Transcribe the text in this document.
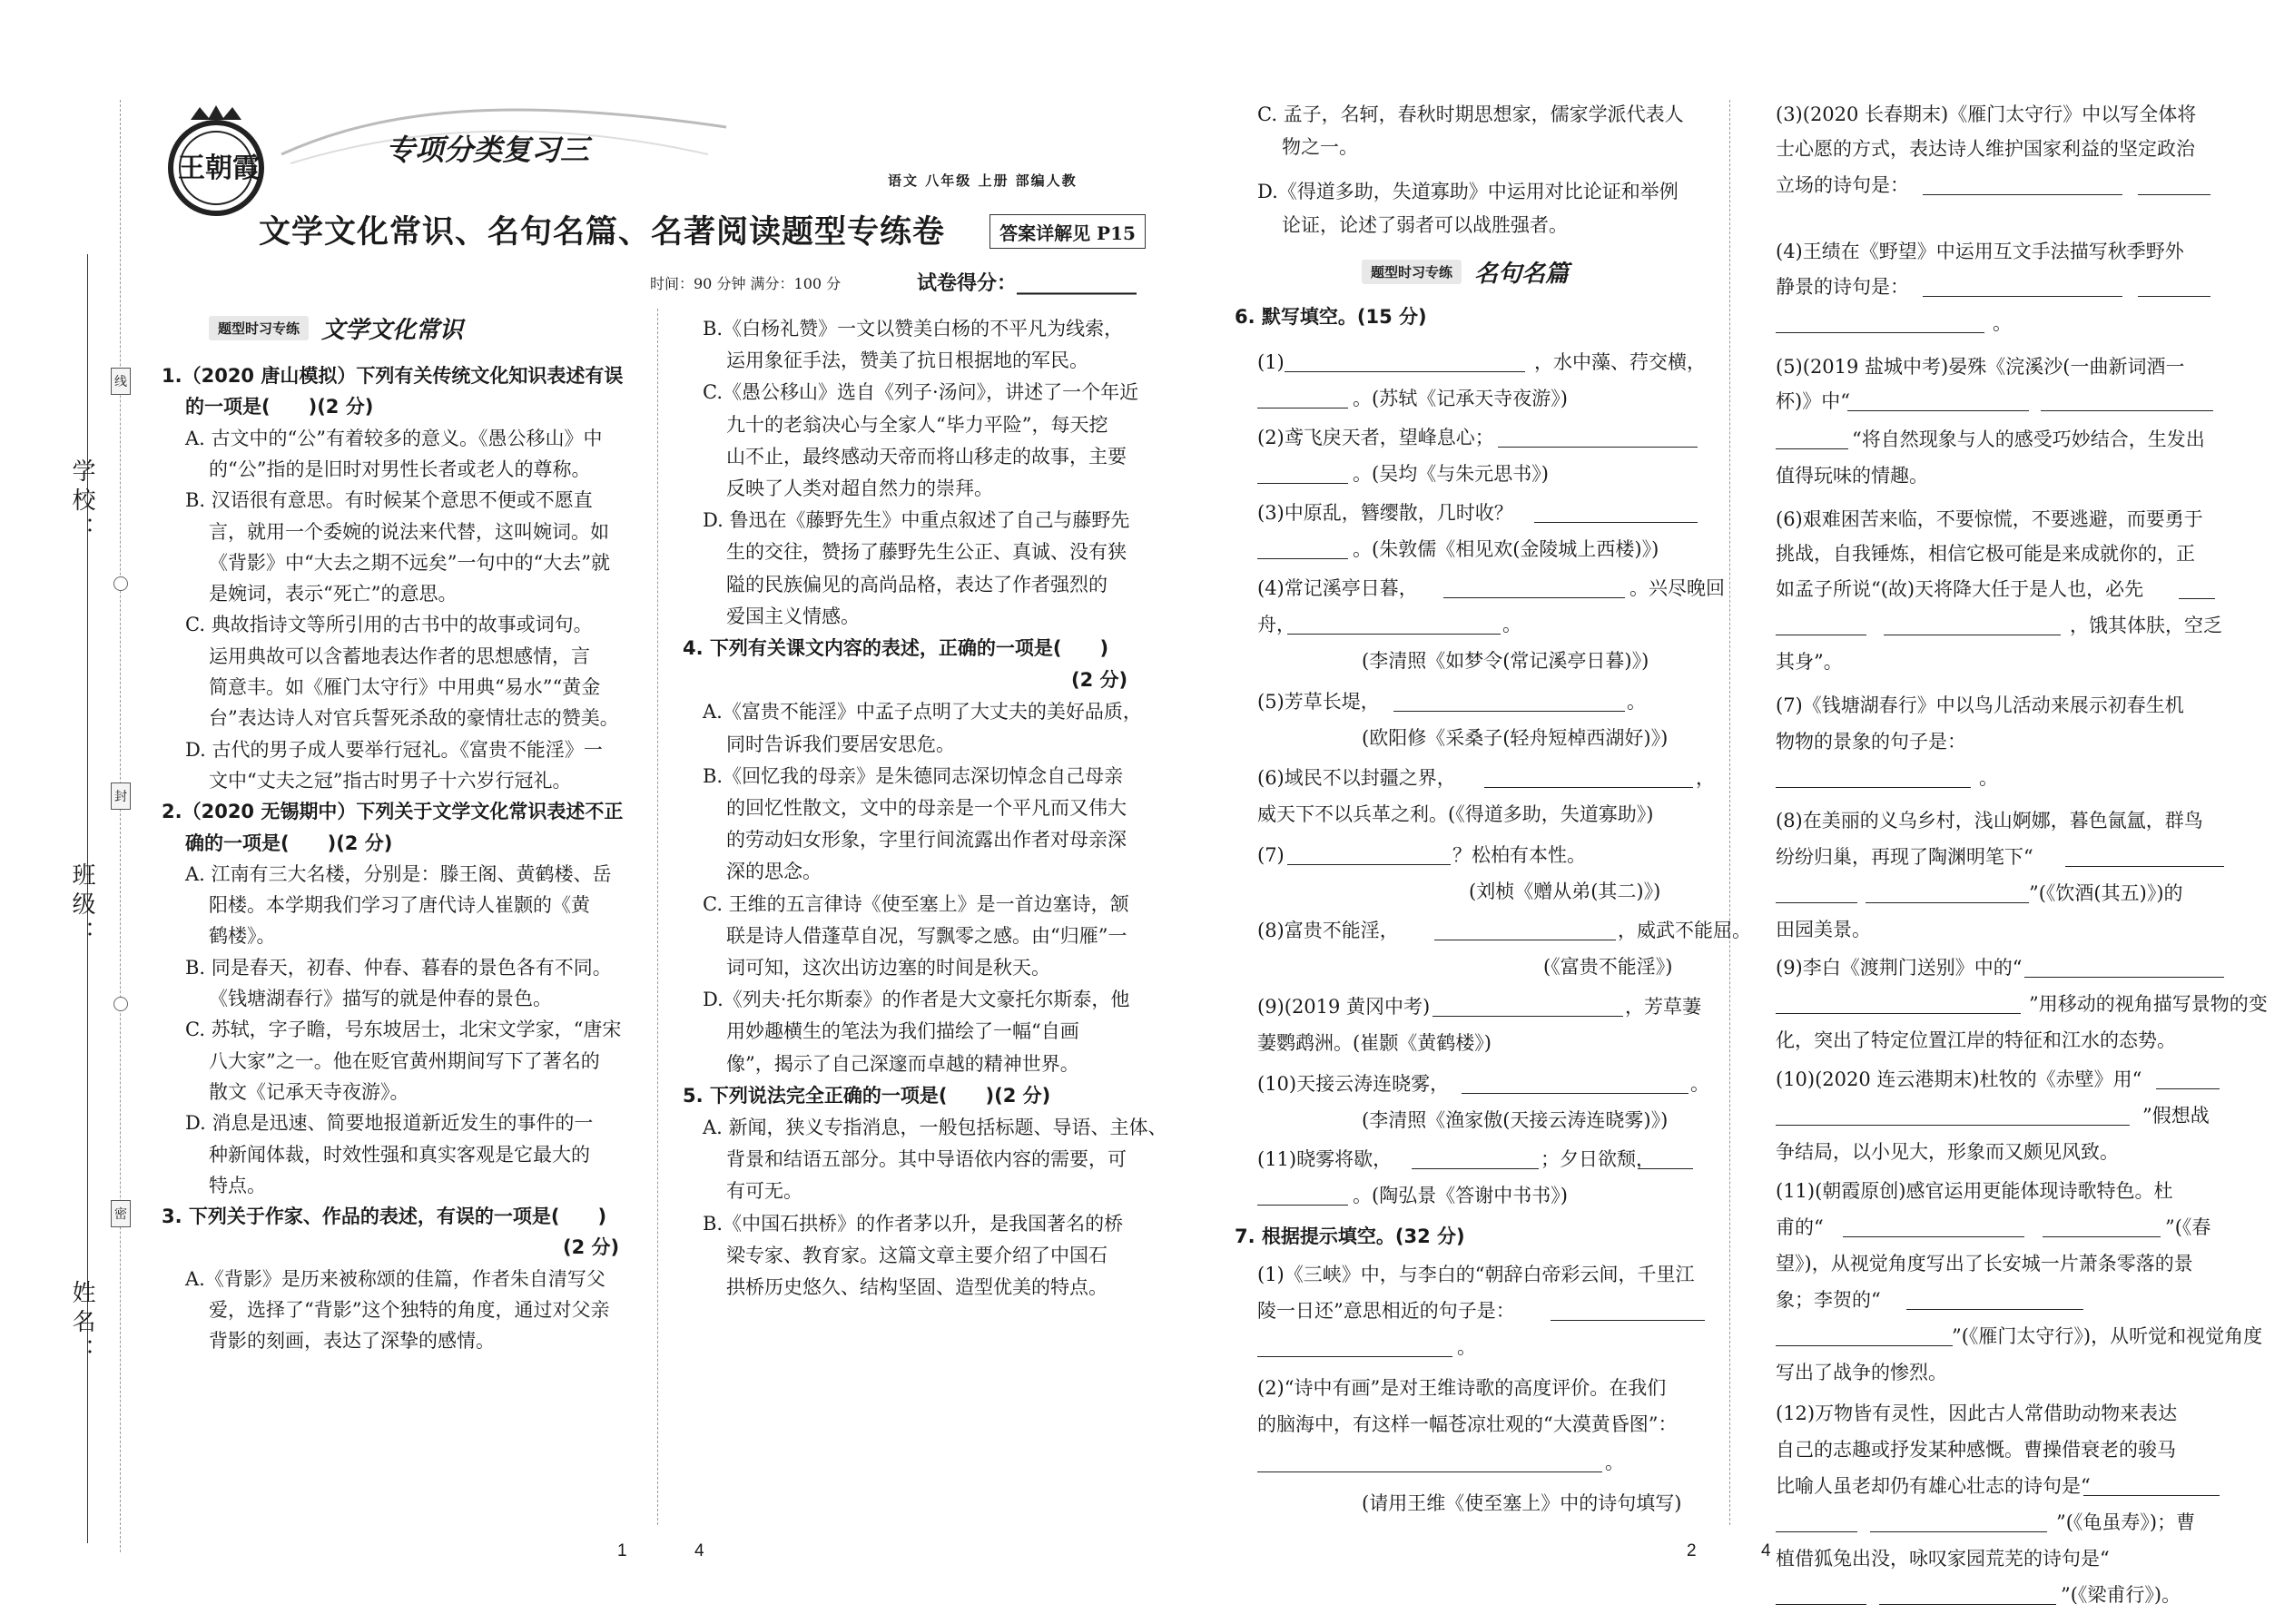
学校：
班级：
姓名：
线
封
密
王朝霞
专项分类复习三
文学文化常识、名句名篇、名著阅读题型专练卷
语文 八年级 上册 部编人教
答案详解见 P15
时间：90 分钟 满分：100 分	试卷得分：____________
题型时习专练 文学文化常识
题型时习专练 名句名篇
1.（2020 唐山模拟）下列有关传统文化知识表述有误
的一项是(　　)(2 分)
A. 古文中的“公”有着较多的意义。《愚公移山》中
的“公”指的是旧时对男性长者或老人的尊称。
B. 汉语很有意思。有时候某个意思不便或不愿直
言，就用一个委婉的说法来代替，这叫婉词。如
《背影》中“大去之期不远矣”一句中的“大去”就
是婉词，表示“死亡”的意思。
C. 典故指诗文等所引用的古书中的故事或词句。
运用典故可以含蓄地表达作者的思想感情，言
简意丰。如《雁门太守行》中用典“易水”“黄金
台”表达诗人对官兵誓死杀敌的豪情壮志的赞美。
D. 古代的男子成人要举行冠礼。《富贵不能淫》一
文中“丈夫之冠”指古时男子十六岁行冠礼。
2.（2020 无锡期中）下列关于文学文化常识表述不正
确的一项是(　　)(2 分)
A. 江南有三大名楼，分别是：滕王阁、黄鹤楼、岳
阳楼。本学期我们学习了唐代诗人崔颢的《黄
鹤楼》。
B. 同是春天，初春、仲春、暮春的景色各有不同。
《钱塘湖春行》描写的就是仲春的景色。
C. 苏轼，字子瞻，号东坡居士，北宋文学家，“唐宋
八大家”之一。他在贬官黄州期间写下了著名的
散文《记承天寺夜游》。
D. 消息是迅速、简要地报道新近发生的事件的一
种新闻体裁，时效性强和真实客观是它最大的
特点。
3. 下列关于作家、作品的表述，有误的一项是(　　)
(2 分)
A.《背影》是历来被称颂的佳篇，作者朱自清写父
爱，选择了“背影”这个独特的角度，通过对父亲
背影的刻画，表达了深挚的感情。
B.《白杨礼赞》一文以赞美白杨的不平凡为线索，
运用象征手法，赞美了抗日根据地的军民。
C.《愚公移山》选自《列子·汤问》，讲述了一个年近
九十的老翁决心与全家人“毕力平险”，每天挖
山不止，最终感动天帝而将山移走的故事，主要
反映了人类对超自然力的崇拜。
D. 鲁迅在《藤野先生》中重点叙述了自己与藤野先
生的交往，赞扬了藤野先生公正、真诚、没有狭
隘的民族偏见的高尚品格，表达了作者强烈的
爱国主义情感。
4. 下列有关课文内容的表述，正确的一项是(　　)
(2 分)
A.《富贵不能淫》中孟子点明了大丈夫的美好品质，
同时告诉我们要居安思危。
B.《回忆我的母亲》是朱德同志深切悼念自己母亲
的回忆性散文，文中的母亲是一个平凡而又伟大
的劳动妇女形象，字里行间流露出作者对母亲深
深的思念。
C. 王维的五言律诗《使至塞上》是一首边塞诗，颔
联是诗人借蓬草自况，写飘零之感。由“归雁”一
词可知，这次出访边塞的时间是秋天。
D.《列夫·托尔斯泰》的作者是大文豪托尔斯泰，他
用妙趣横生的笔法为我们描绘了一幅“自画
像”，揭示了自己深邃而卓越的精神世界。
5. 下列说法完全正确的一项是(　　)(2 分)
A. 新闻，狭义专指消息，一般包括标题、导语、主体、
背景和结语五部分。其中导语依内容的需要，可
有可无。
B.《中国石拱桥》的作者茅以升，是我国著名的桥
梁专家、教育家。这篇文章主要介绍了中国石
拱桥历史悠久、结构坚固、造型优美的特点。
C. 孟子，名轲，春秋时期思想家，儒家学派代表人
物之一。
D.《得道多助，失道寡助》中运用对比论证和举例
论证，论述了弱者可以战胜强者。
6. 默写填空。(15 分)
(1)	，水中藻、荇交横，
。(苏轼《记承天寺夜游》)
(2)鸢飞戾天者，望峰息心；
。(吴均《与朱元思书》)
(3)中原乱，簪缨散，几时收？
。(朱敦儒《相见欢(金陵城上西楼)》)
(4)常记溪亭日暮，	。兴尽晚回
舟，	。
(李清照《如梦令(常记溪亭日暮)》)
(5)芳草长堤，	。
(欧阳修《采桑子(轻舟短棹西湖好)》)
(6)域民不以封疆之界，	，
威天下不以兵革之利。(《得道多助，失道寡助》)
(7)	？松柏有本性。
(刘桢《赠从弟(其二)》)
(8)富贵不能淫，	，威武不能屈。
(《富贵不能淫》)
(9)(2019 黄冈中考)	，芳草萋
萋鹦鹉洲。(崔颢《黄鹤楼》)
(10)天接云涛连晓雾，	。
(李清照《渔家傲(天接云涛连晓雾)》)
(11)晓雾将歇，	；夕日欲颓，
。(陶弘景《答谢中书书》)
7. 根据提示填空。(32 分)
(1)《三峡》中，与李白的“朝辞白帝彩云间，千里江
陵一日还”意思相近的句子是：
。
(2)“诗中有画”是对王维诗歌的高度评价。在我们
的脑海中，有这样一幅苍凉壮观的“大漠黄昏图”：
。
(请用王维《使至塞上》中的诗句填写)
(3)(2020 长春期末)《雁门太守行》中以写全体将
士心愿的方式，表达诗人维护国家利益的坚定政治
立场的诗句是：
(4)王绩在《野望》中运用互文手法描写秋季野外
静景的诗句是：
。
(5)(2019 盐城中考)晏殊《浣溪沙(一曲新词酒一
杯)》中“
“将自然现象与人的感受巧妙结合，生发出
值得玩味的情趣。
(6)艰难困苦来临，不要惊慌，不要逃避，而要勇于
挑战，自我锤炼，相信它极可能是来成就你的，正
如孟子所说“(故)天将降大任于是人也，必先
，饿其体肤，空乏
其身”。
(7)《钱塘湖春行》中以鸟儿活动来展示初春生机
物物的景象的句子是：
。
(8)在美丽的义乌乡村，浅山婀娜，暮色氤氲，群鸟
纷纷归巢，再现了陶渊明笔下“
”(《饮酒(其五)》)的
田园美景。
(9)李白《渡荆门送别》中的“
”用移动的视角描写景物的变
化，突出了特定位置江岸的特征和江水的态势。
(10)(2020 连云港期末)杜牧的《赤壁》用“
”假想战
争结局，以小见大，形象而又颇见风致。
(11)(朝霞原创)感官运用更能体现诗歌特色。杜
甫的“	”(《春
望》)，从视觉角度写出了长安城一片萧条零落的景
象；李贺的“
”(《雁门太守行》)，从听觉和视觉角度
写出了战争的惨烈。
(12)万物皆有灵性，因此古人常借助动物来表达
自己的志趣或抒发某种感慨。曹操借衰老的骏马
比喻人虽老却仍有雄心壮志的诗句是“
”(《龟虽寿》)；曹
植借狐兔出没，咏叹家园荒芜的诗句是“
”(《梁甫行》)。
1	4	2	4
